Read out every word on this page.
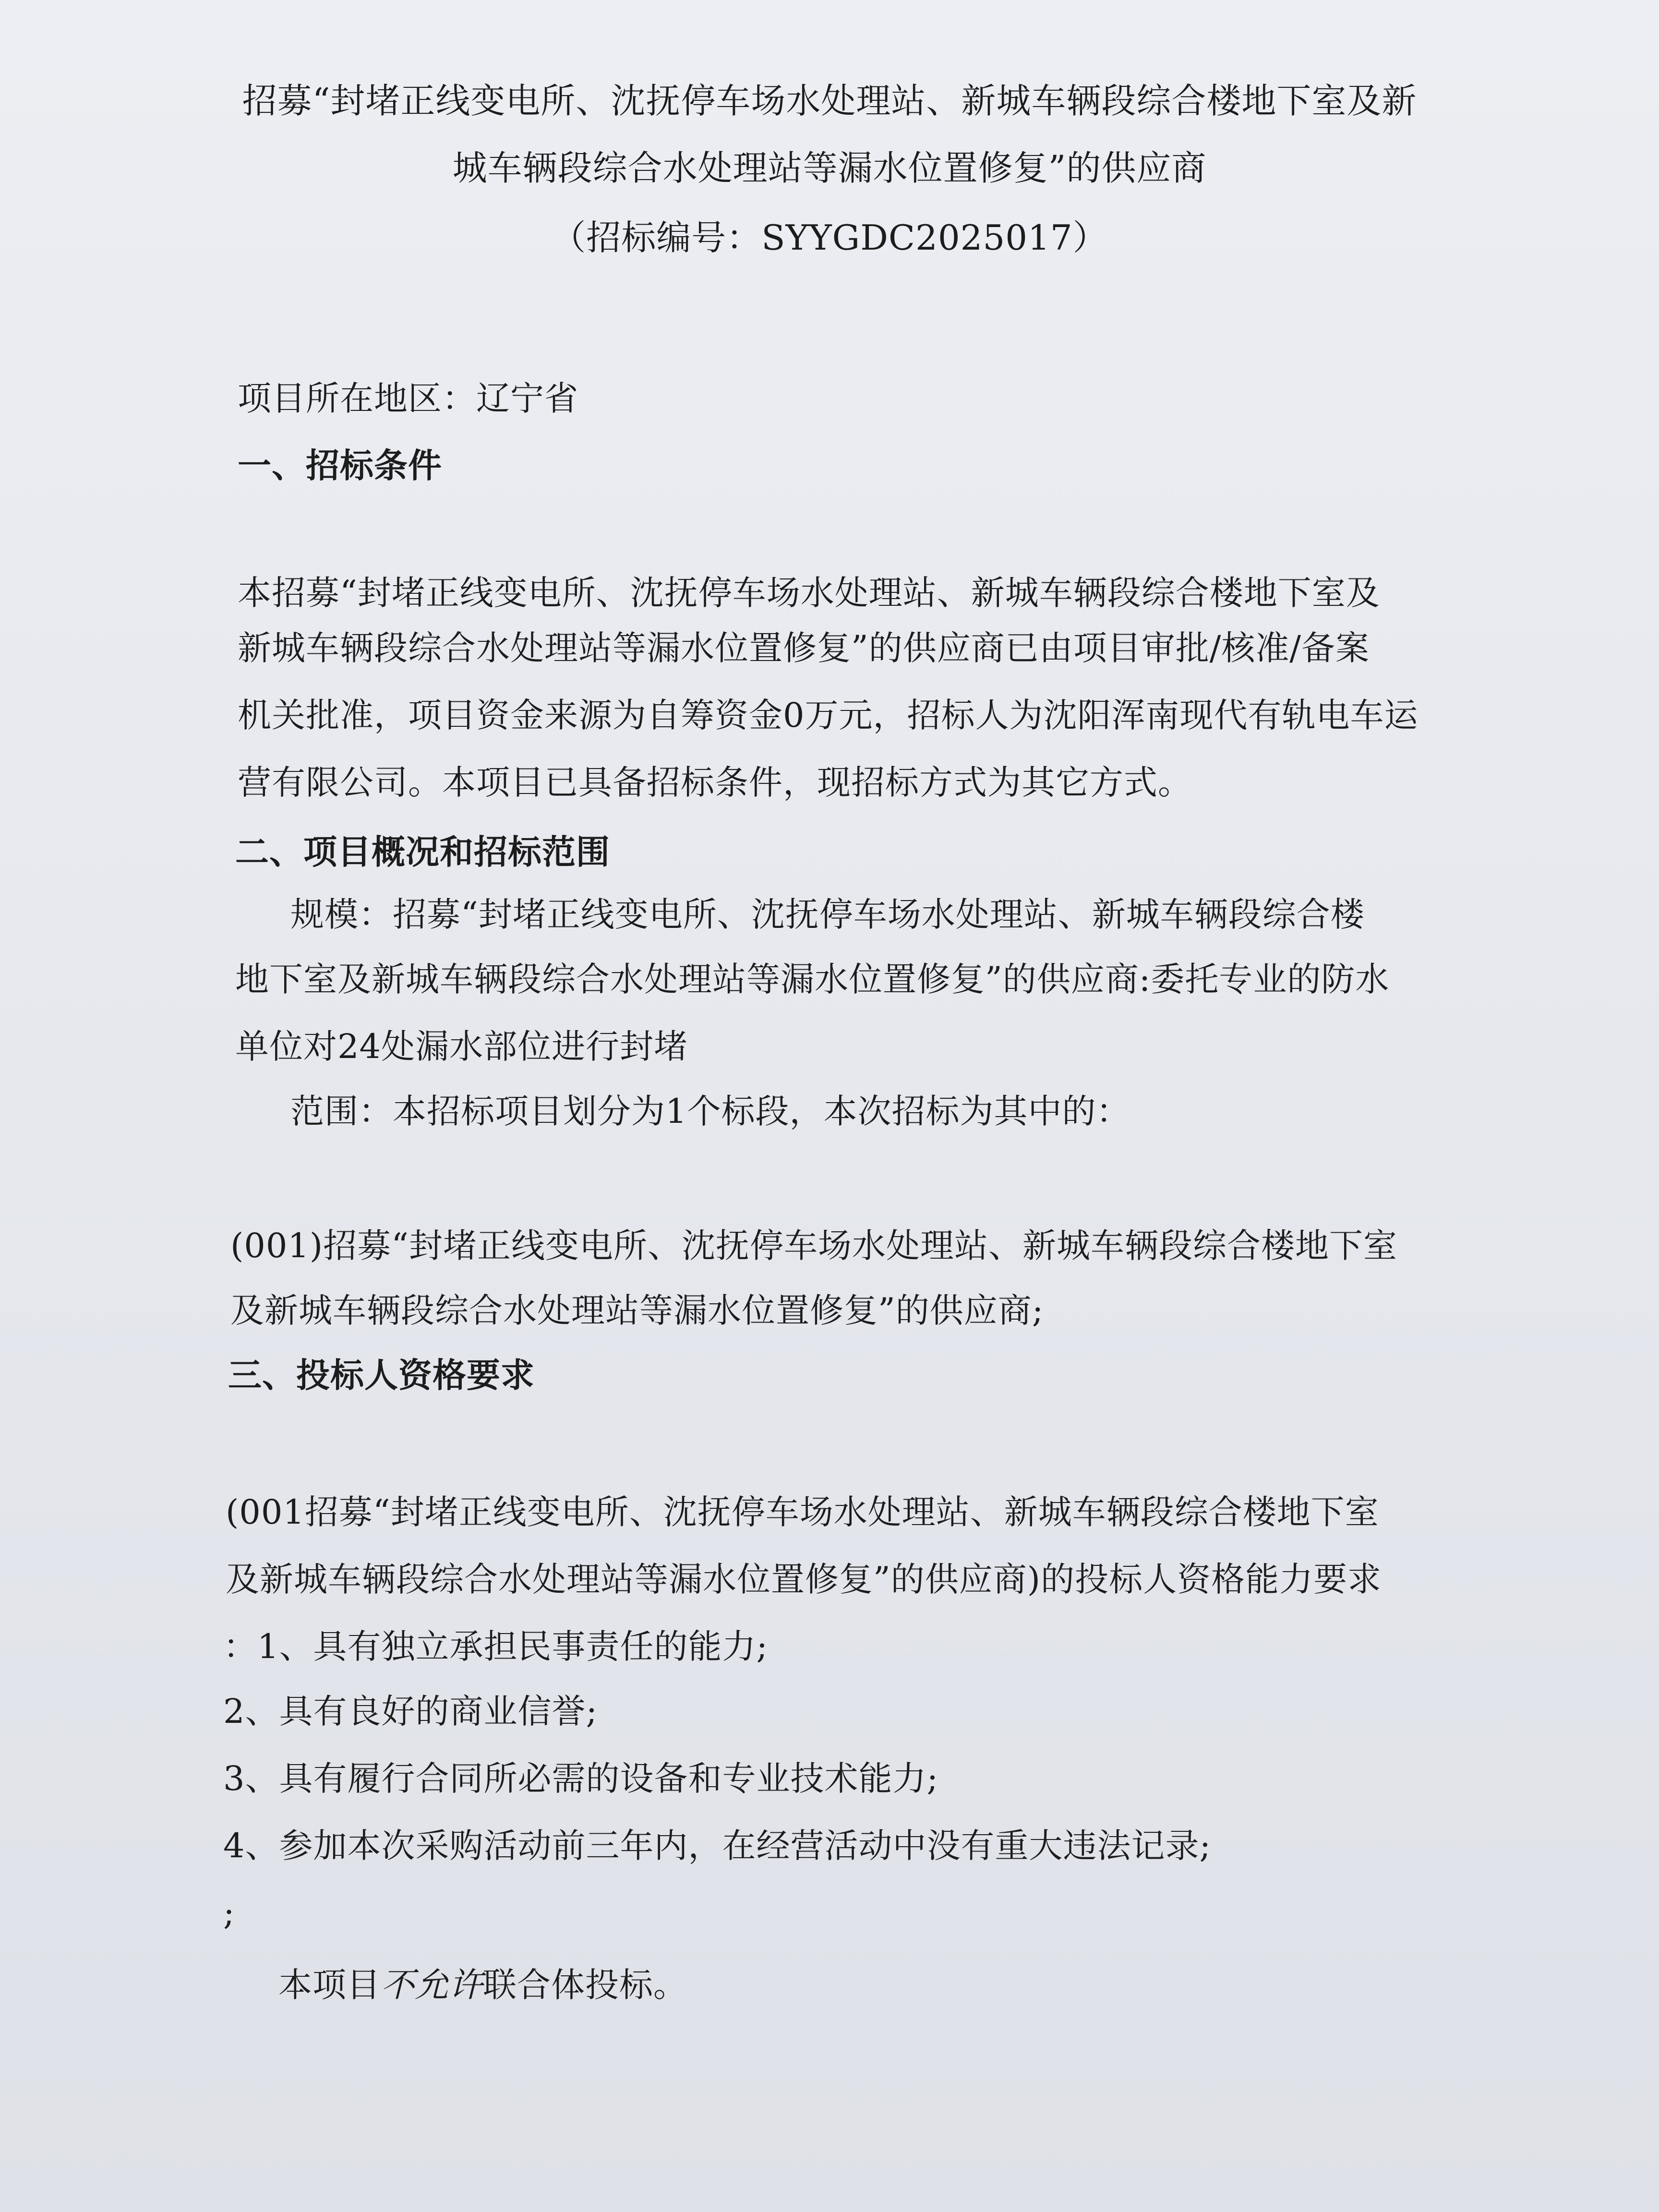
招募“封堵正线变电所、沈抚停车场水处理站、新城车辆段综合楼地下室及新
城车辆段综合水处理站等漏水位置修复”的供应商
（招标编号：SYYGDC2025017）
项目所在地区：辽宁省
一、招标条件
本招募“封堵正线变电所、沈抚停车场水处理站、新城车辆段综合楼地下室及
新城车辆段综合水处理站等漏水位置修复”的供应商已由项目审批/核准/备案
机关批准，项目资金来源为自筹资金0万元，招标人为沈阳浑南现代有轨电车运
营有限公司。本项目已具备招标条件，现招标方式为其它方式。
二、项目概况和招标范围
规模：招募“封堵正线变电所、沈抚停车场水处理站、新城车辆段综合楼
地下室及新城车辆段综合水处理站等漏水位置修复”的供应商:委托专业的防水
单位对24处漏水部位进行封堵
范围：本招标项目划分为1个标段，本次招标为其中的：
(001)招募“封堵正线变电所、沈抚停车场水处理站、新城车辆段综合楼地下室
及新城车辆段综合水处理站等漏水位置修复”的供应商;
三、投标人资格要求
(001招募“封堵正线变电所、沈抚停车场水处理站、新城车辆段综合楼地下室
及新城车辆段综合水处理站等漏水位置修复”的供应商)的投标人资格能力要求
：1、具有独立承担民事责任的能力;
2、具有良好的商业信誉;
3、具有履行合同所必需的设备和专业技术能力;
4、参加本次采购活动前三年内，在经营活动中没有重大违法记录;
;
本项目不允许联合体投标。
